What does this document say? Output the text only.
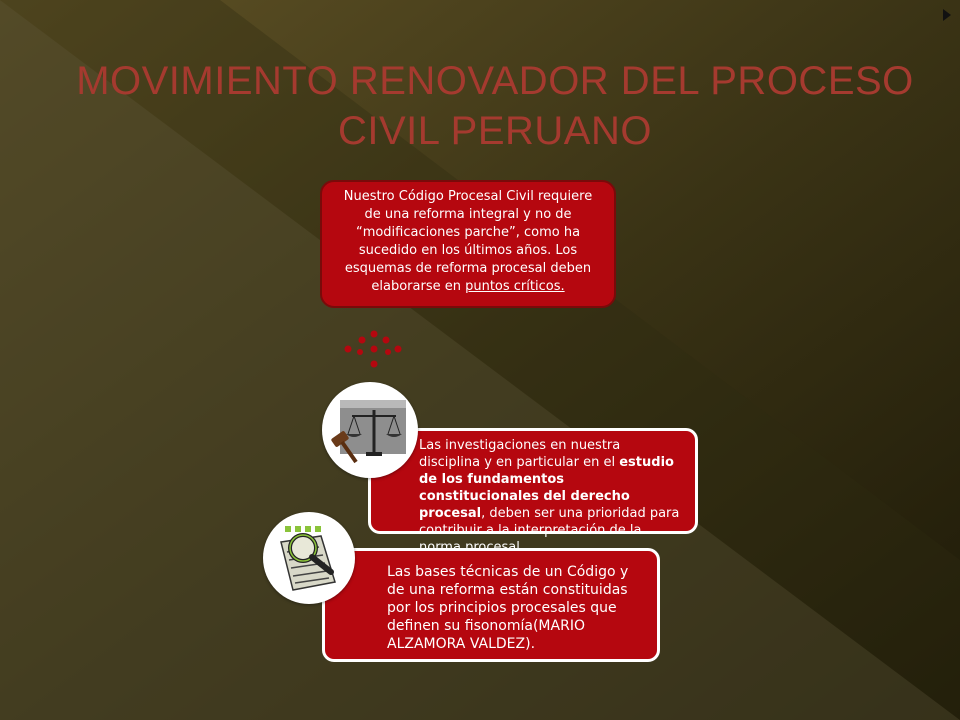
MOVIMIENTO RENOVADOR DEL PROCESO
CIVIL PERUANO
Nuestro Código Procesal Civil requiere de una reforma integral y no de “modificaciones parche”, como ha sucedido en los últimos años. Los esquemas de reforma procesal deben elaborarse en puntos críticos.
Las investigaciones en nuestra disciplina y en particular en el estudio de los fundamentos constitucionales del derecho procesal, deben ser una prioridad para contribuir a la interpretación de la
Las bases técnicas de un Código y de una reforma están constituidas por los principios procesales que definen su fisonomía(MARIO ALZAMORA VALDEZ).
